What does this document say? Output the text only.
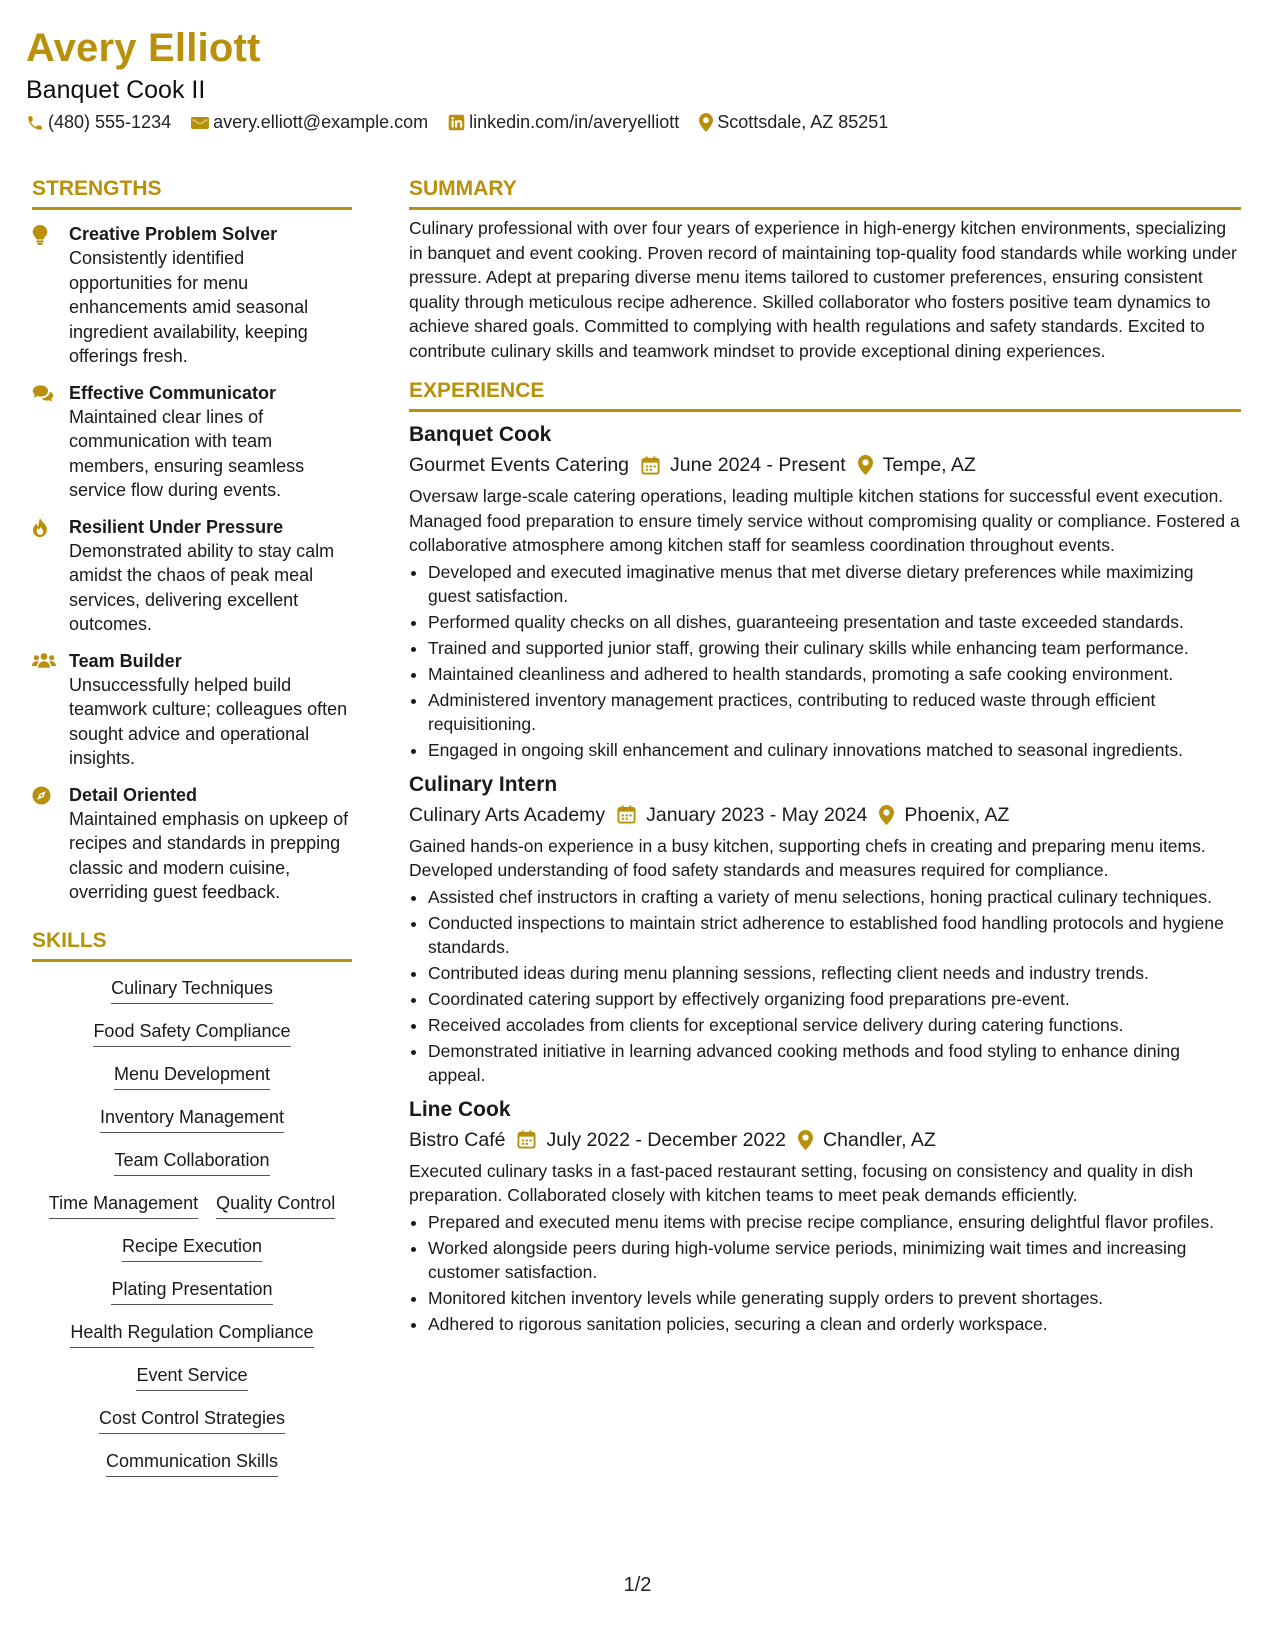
Avery Elliott
Banquet Cook II
(480) 555-1234 avery.elliott@example.com linkedin.com/in/averyelliott Scottsdale, AZ 85251
STRENGTHS
Creative Problem Solver
Consistently identified opportunities for menu enhancements amid seasonal ingredient availability, keeping offerings fresh.
Effective Communicator
Maintained clear lines of communication with team members, ensuring seamless service flow during events.
Resilient Under Pressure
Demonstrated ability to stay calm amidst the chaos of peak meal services, delivering excellent outcomes.
Team Builder
Unsuccessfully helped build teamwork culture; colleagues often sought advice and operational insights.
Detail Oriented
Maintained emphasis on upkeep of recipes and standards in prepping classic and modern cuisine, overriding guest feedback.
SKILLS
Culinary Techniques
Food Safety Compliance
Menu Development
Inventory Management
Team Collaboration
Time Management Quality Control
Recipe Execution
Plating Presentation
Health Regulation Compliance
Event Service
Cost Control Strategies
Communication Skills
SUMMARY
Culinary professional with over four years of experience in high-energy kitchen environments, specializing in banquet and event cooking. Proven record of maintaining top-quality food standards while working under pressure. Adept at preparing diverse menu items tailored to customer preferences, ensuring consistent quality through meticulous recipe adherence. Skilled collaborator who fosters positive team dynamics to achieve shared goals. Committed to complying with health regulations and safety standards. Excited to contribute culinary skills and teamwork mindset to provide exceptional dining experiences.
EXPERIENCE
Banquet Cook
Gourmet Events Catering June 2024 - Present Tempe, AZ
Oversaw large-scale catering operations, leading multiple kitchen stations for successful event execution. Managed food preparation to ensure timely service without compromising quality or compliance. Fostered a collaborative atmosphere among kitchen staff for seamless coordination throughout events.
• Developed and executed imaginative menus that met diverse dietary preferences while maximizing guest satisfaction.
• Performed quality checks on all dishes, guaranteeing presentation and taste exceeded standards.
• Trained and supported junior staff, growing their culinary skills while enhancing team performance.
• Maintained cleanliness and adhered to health standards, promoting a safe cooking environment.
• Administered inventory management practices, contributing to reduced waste through efficient requisitioning.
• Engaged in ongoing skill enhancement and culinary innovations matched to seasonal ingredients.
Culinary Intern
Culinary Arts Academy January 2023 - May 2024 Phoenix, AZ
Gained hands-on experience in a busy kitchen, supporting chefs in creating and preparing menu items. Developed understanding of food safety standards and measures required for compliance.
• Assisted chef instructors in crafting a variety of menu selections, honing practical culinary techniques.
• Conducted inspections to maintain strict adherence to established food handling protocols and hygiene standards.
• Contributed ideas during menu planning sessions, reflecting client needs and industry trends.
• Coordinated catering support by effectively organizing food preparations pre-event.
• Received accolades from clients for exceptional service delivery during catering functions.
• Demonstrated initiative in learning advanced cooking methods and food styling to enhance dining appeal.
Line Cook
Bistro Café July 2022 - December 2022 Chandler, AZ
Executed culinary tasks in a fast-paced restaurant setting, focusing on consistency and quality in dish preparation. Collaborated closely with kitchen teams to meet peak demands efficiently.
• Prepared and executed menu items with precise recipe compliance, ensuring delightful flavor profiles.
• Worked alongside peers during high-volume service periods, minimizing wait times and increasing customer satisfaction.
• Monitored kitchen inventory levels while generating supply orders to prevent shortages.
• Adhered to rigorous sanitation policies, securing a clean and orderly workspace.
1/2
